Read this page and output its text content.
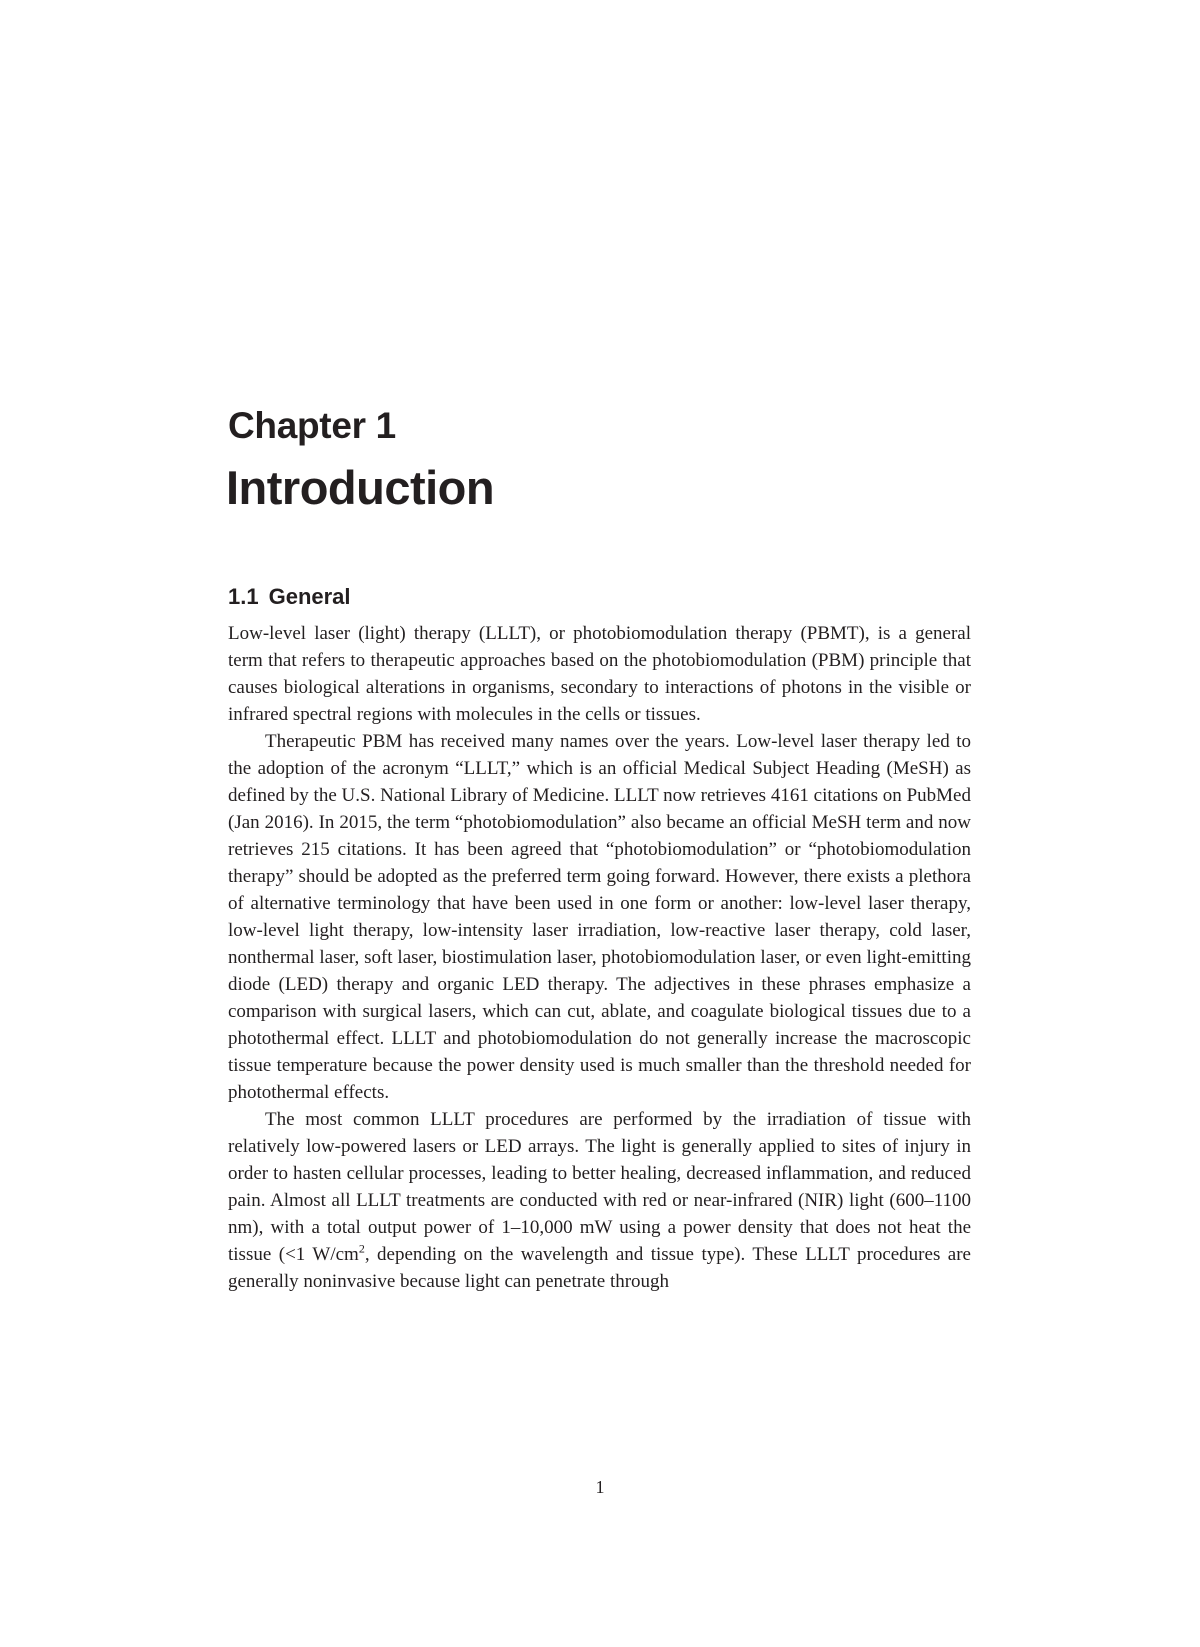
Chapter 1
Introduction
1.1 General

Low-level laser (light) therapy (LLLT), or photobiomodulation therapy (PBMT), is a general term that refers to therapeutic approaches based on the photobiomodulation (PBM) principle that causes biological alterations in organisms, secondary to interactions of photons in the visible or infrared spectral regions with molecules in the cells or tissues.

Therapeutic PBM has received many names over the years. Low-level laser therapy led to the adoption of the acronym “LLLT,” which is an official Medical Subject Heading (MeSH) as defined by the U.S. National Library of Medicine. LLLT now retrieves 4161 citations on PubMed (Jan 2016). In 2015, the term “photobiomodulation” also became an official MeSH term and now retrieves 215 citations. It has been agreed that “photobiomodulation” or “photobiomodulation therapy” should be adopted as the preferred term going forward. However, there exists a plethora of alternative terminology that have been used in one form or another: low-level laser therapy, low-level light therapy, low-intensity laser irradiation, low-reactive laser therapy, cold laser, nonthermal laser, soft laser, biostimulation laser, photobiomodulation laser, or even light-emitting diode (LED) therapy and organic LED therapy. The adjectives in these phrases emphasize a comparison with surgical lasers, which can cut, ablate, and coagulate biological tissues due to a photothermal effect. LLLT and photobiomodulation do not generally increase the macroscopic tissue temperature because the power density used is much smaller than the threshold needed for photothermal effects.

The most common LLLT procedures are performed by the irradiation of tissue with relatively low-powered lasers or LED arrays. The light is generally applied to sites of injury in order to hasten cellular processes, leading to better healing, decreased inflammation, and reduced pain. Almost all LLLT treatments are conducted with red or near-infrared (NIR) light (600–1100 nm), with a total output power of 1–10,000 mW using a power density that does not heat the tissue (<1 $W/cm^2$, depending on the wavelength and tissue type). These LLLT procedures are generally noninvasive because light can penetrate through

1
